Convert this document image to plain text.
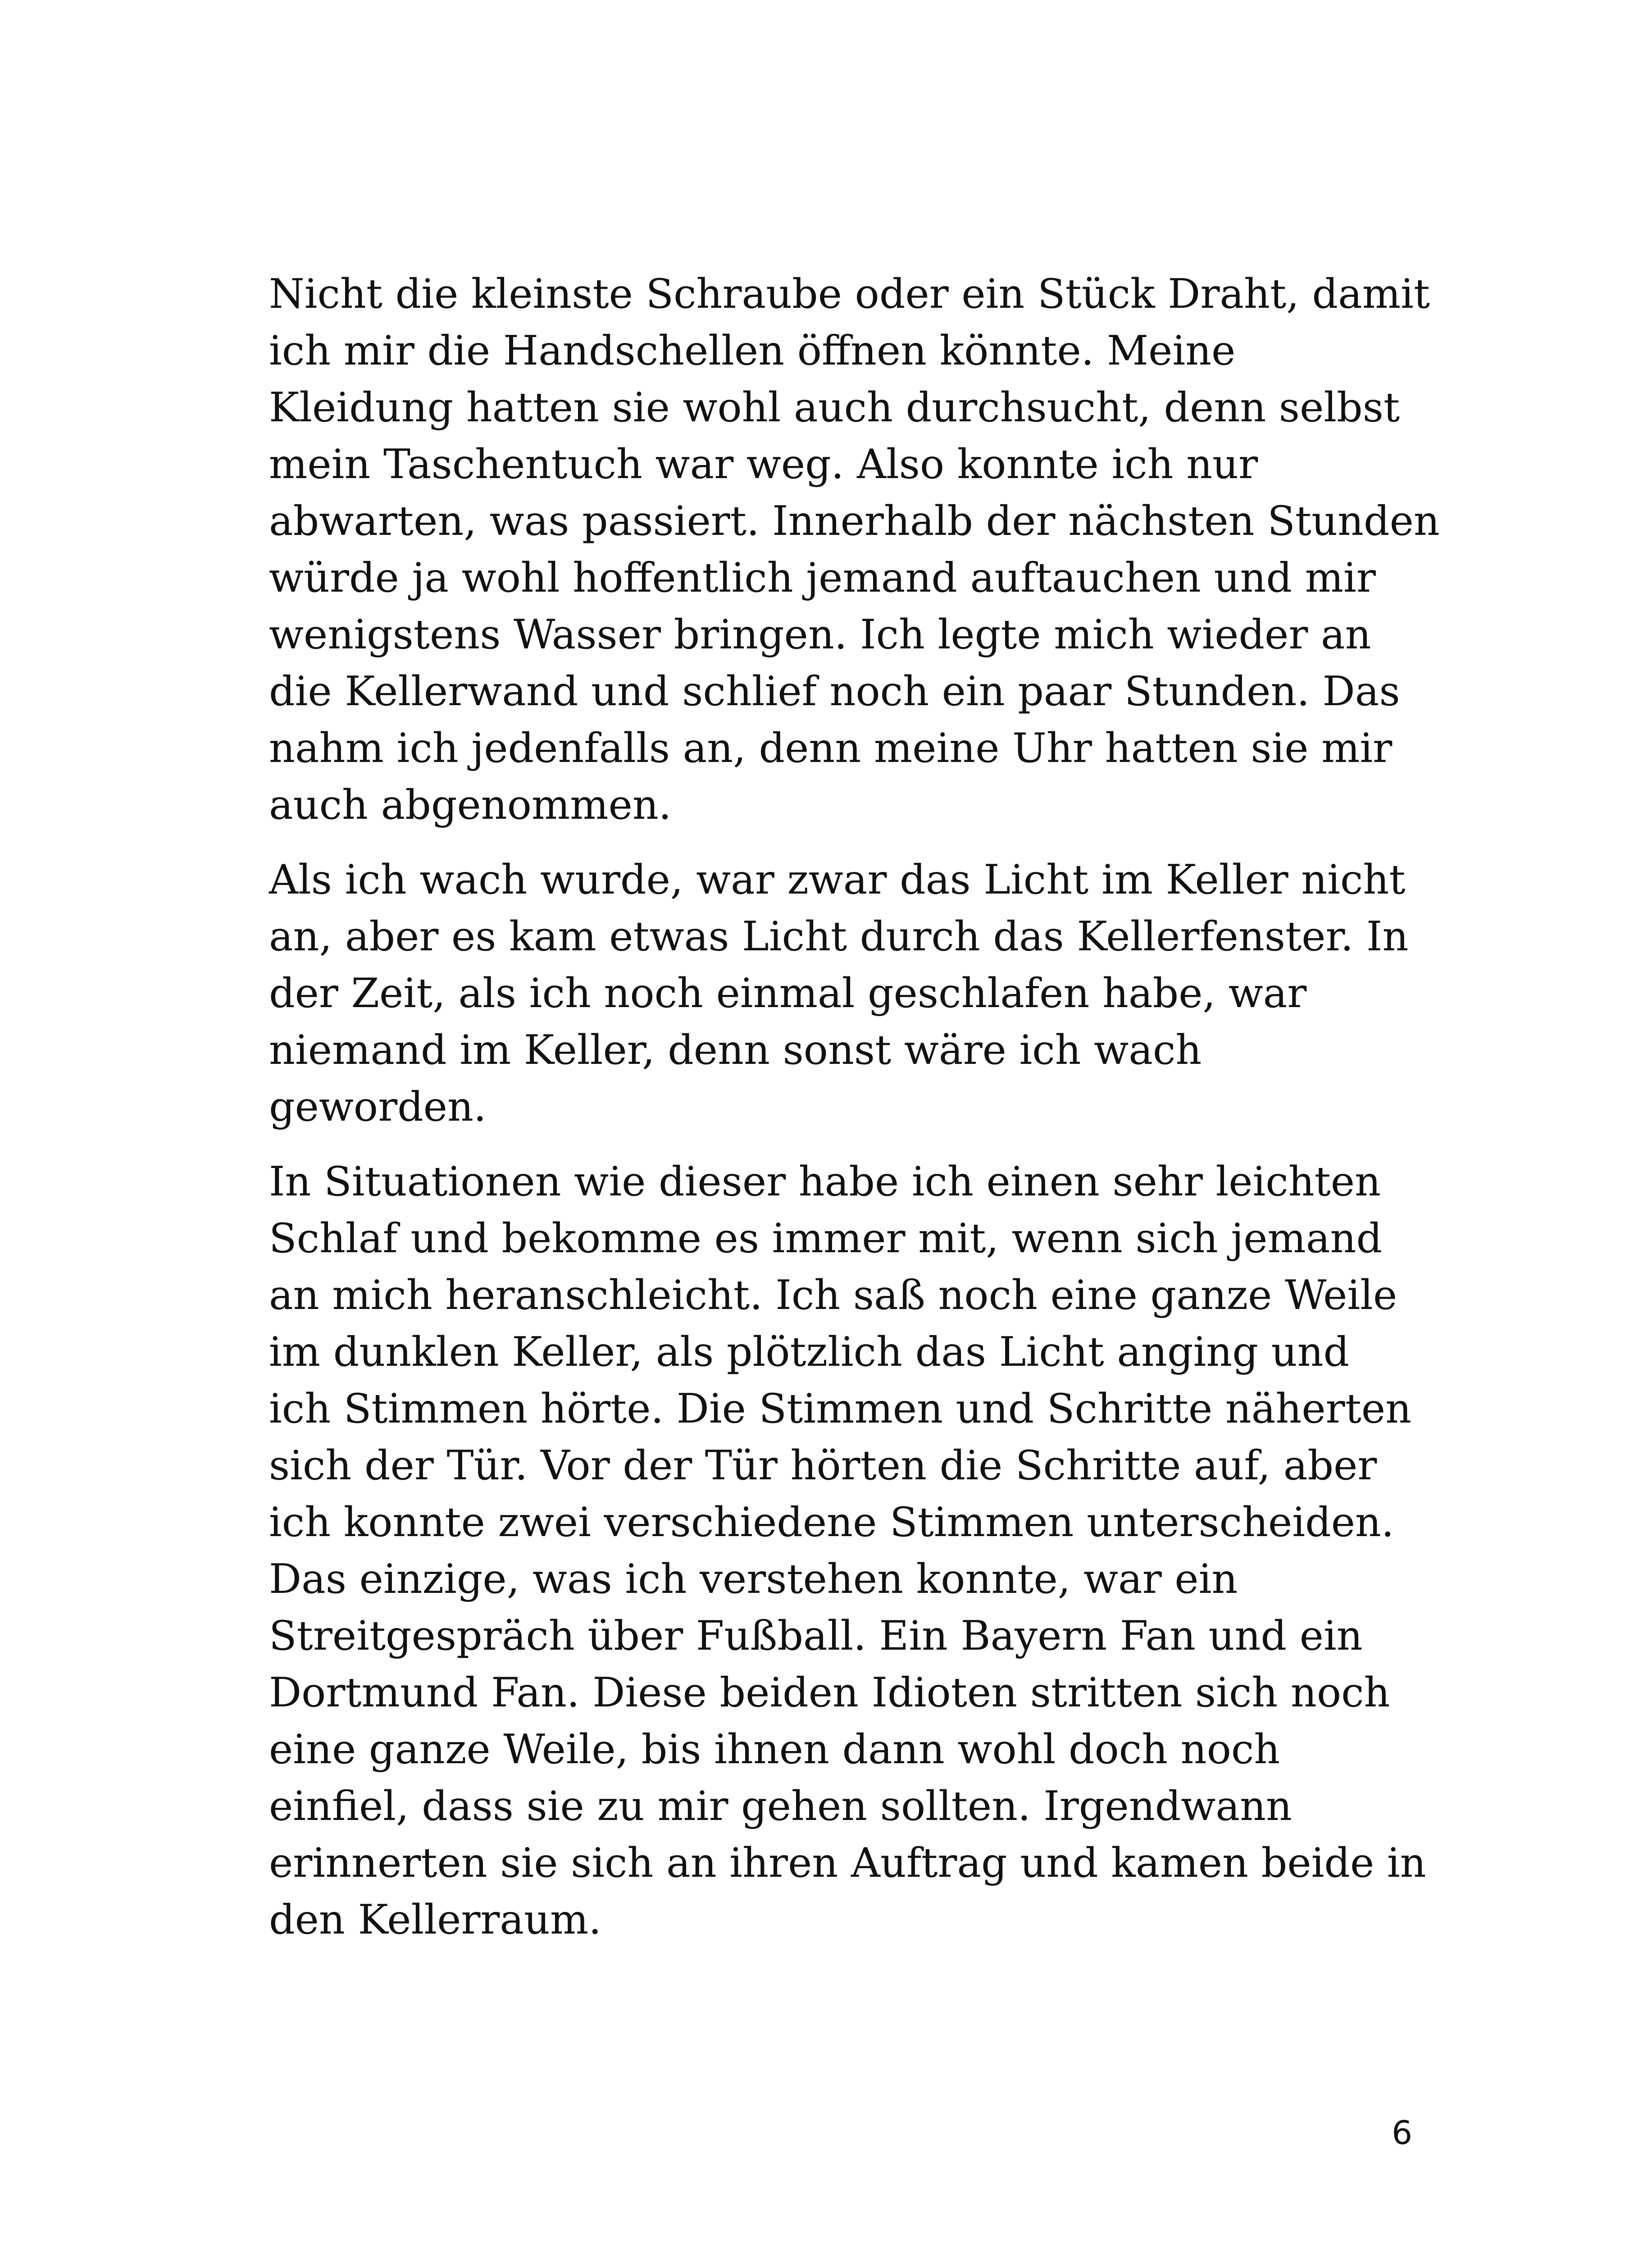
Nicht die kleinste Schraube oder ein Stück Draht, damit
ich mir die Handschellen öffnen könnte. Meine
Kleidung hatten sie wohl auch durchsucht, denn selbst
mein Taschentuch war weg. Also konnte ich nur
abwarten, was passiert. Innerhalb der nächsten Stunden
würde ja wohl hoffentlich jemand auftauchen und mir
wenigstens Wasser bringen. Ich legte mich wieder an
die Kellerwand und schlief noch ein paar Stunden. Das
nahm ich jedenfalls an, denn meine Uhr hatten sie mir
auch abgenommen.

Als ich wach wurde, war zwar das Licht im Keller nicht
an, aber es kam etwas Licht durch das Kellerfenster. In
der Zeit, als ich noch einmal geschlafen habe, war
niemand im Keller, denn sonst wäre ich wach
geworden.

In Situationen wie dieser habe ich einen sehr leichten
Schlaf und bekomme es immer mit, wenn sich jemand
an mich heranschleicht. Ich saß noch eine ganze Weile
im dunklen Keller, als plötzlich das Licht anging und
ich Stimmen hörte. Die Stimmen und Schritte näherten
sich der Tür. Vor der Tür hörten die Schritte auf, aber
ich konnte zwei verschiedene Stimmen unterscheiden.
Das einzige, was ich verstehen konnte, war ein
Streitgespräch über Fußball. Ein Bayern Fan und ein
Dortmund Fan. Diese beiden Idioten stritten sich noch
eine ganze Weile, bis ihnen dann wohl doch noch
einfiel, dass sie zu mir gehen sollten. Irgendwann
erinnerten sie sich an ihren Auftrag und kamen beide in
den Kellerraum.

6
